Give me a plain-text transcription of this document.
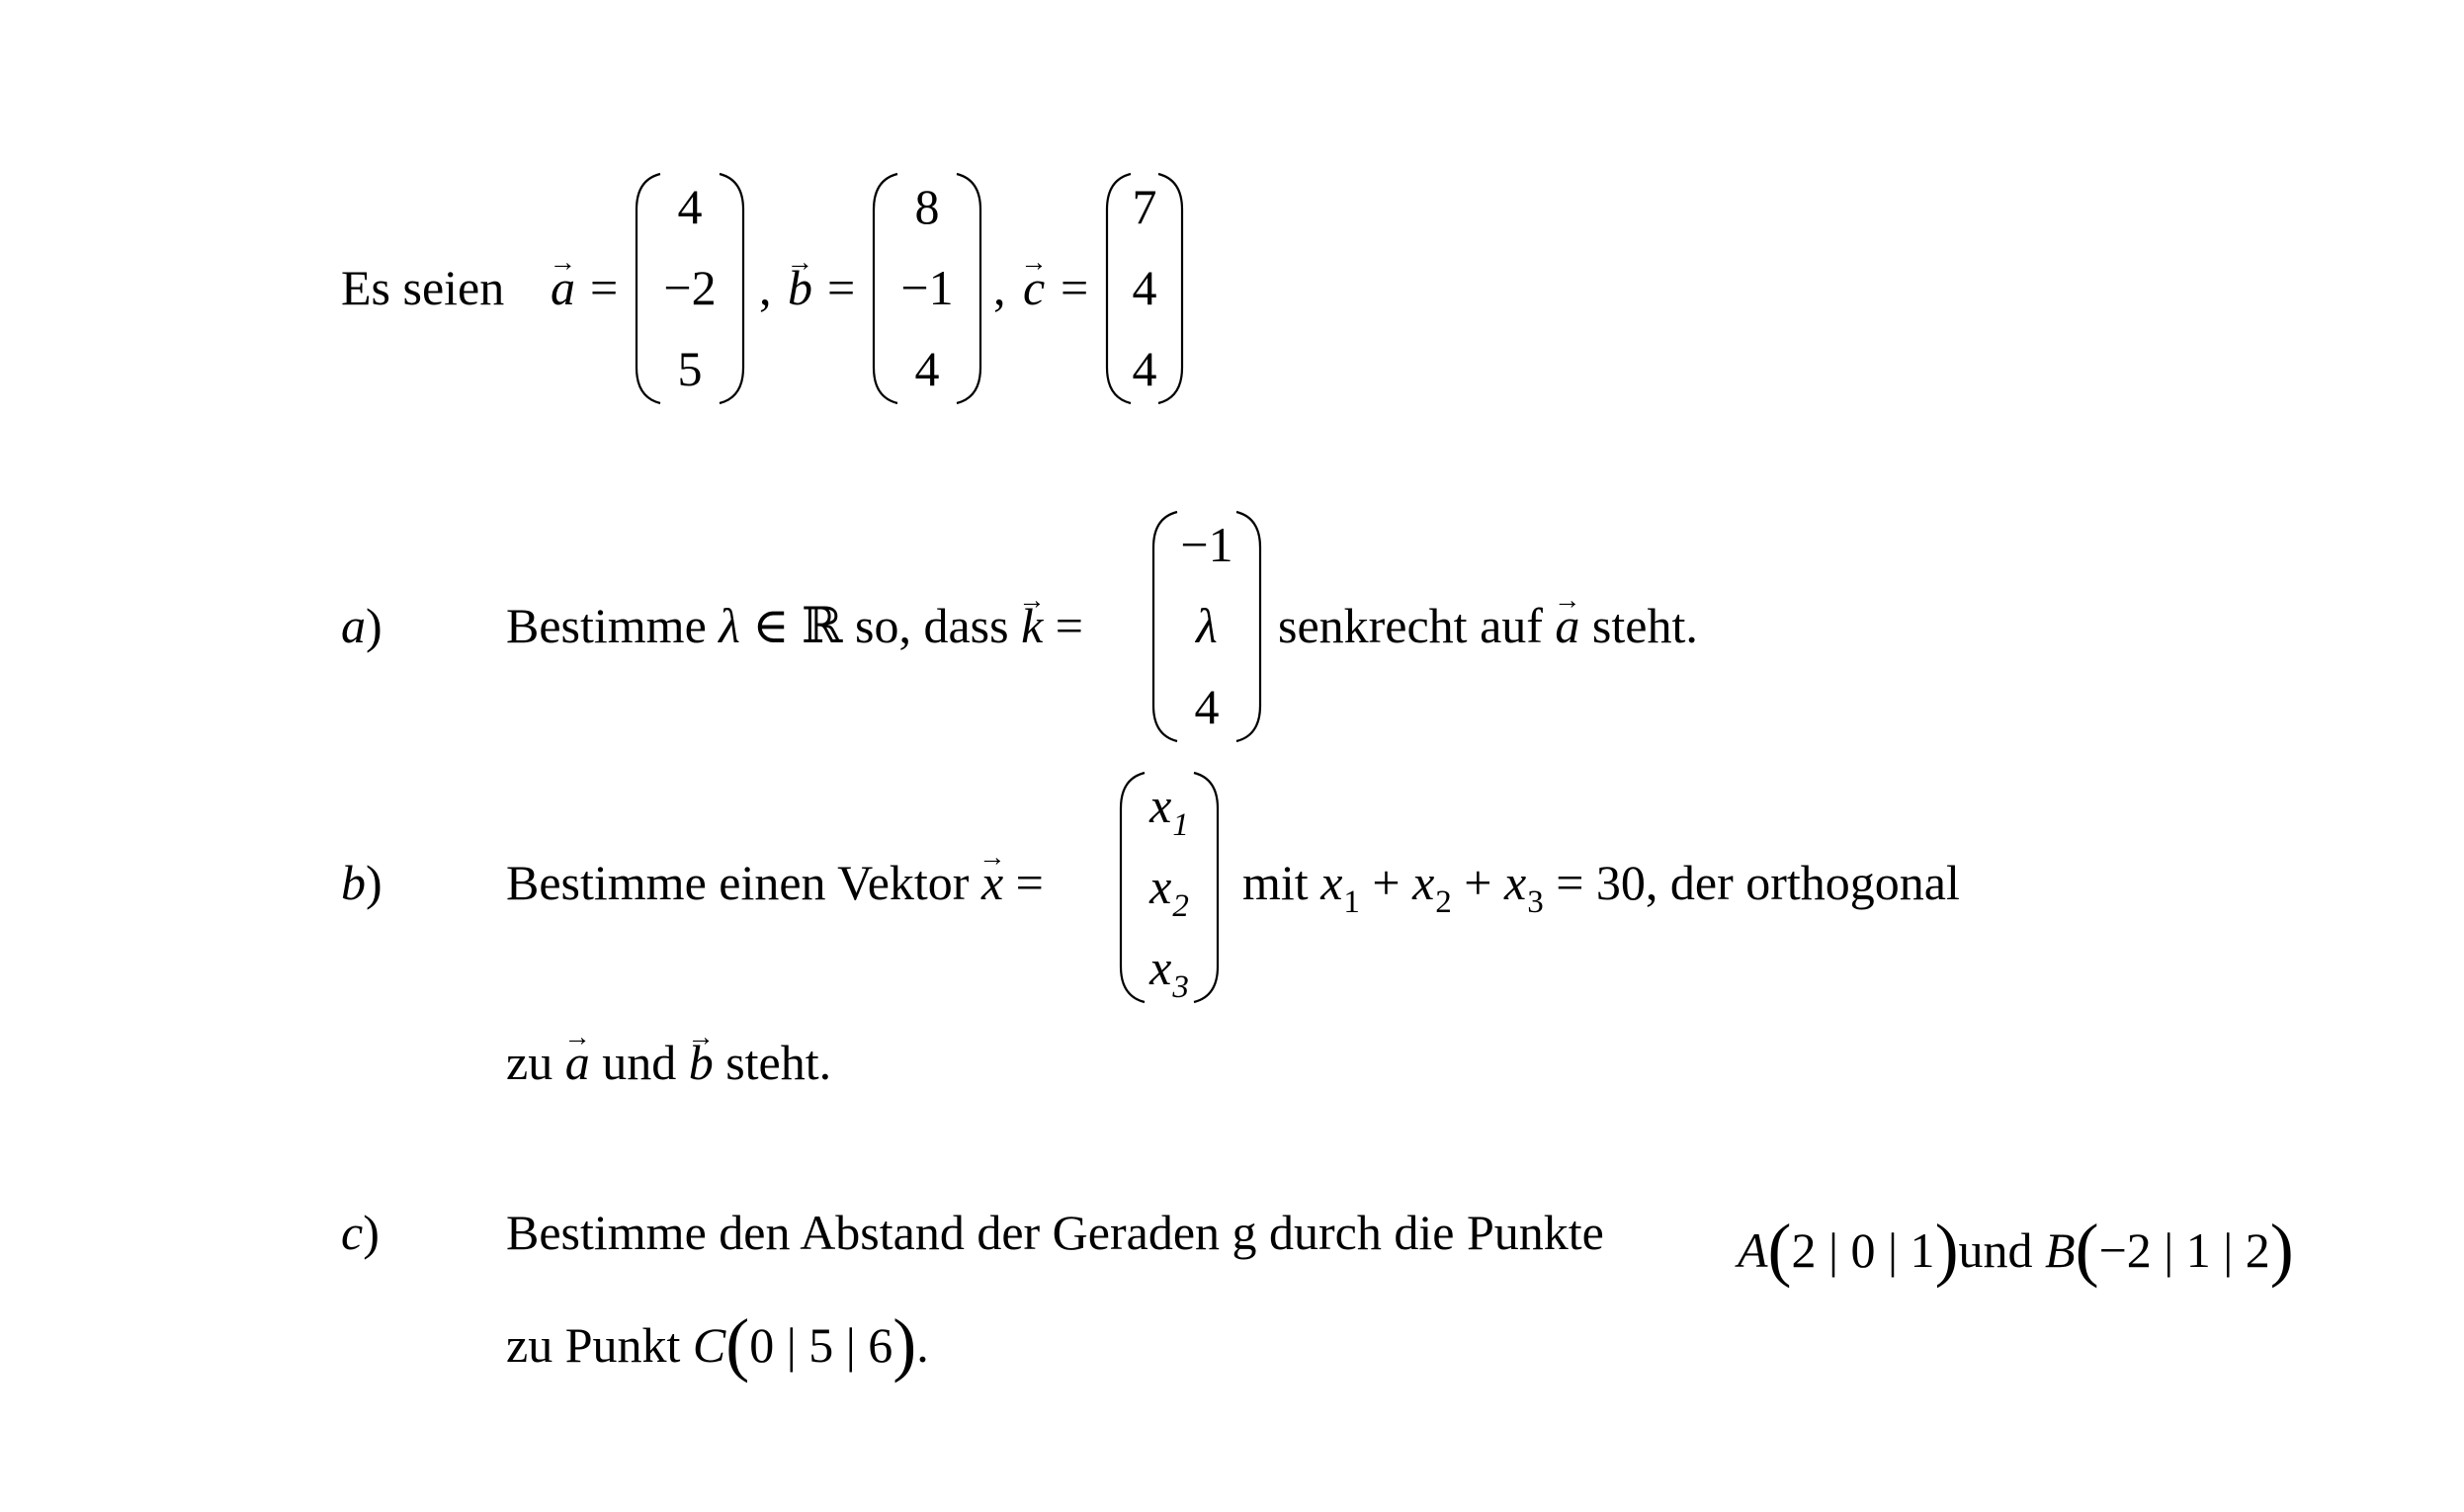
Es seien → a =
4
−2
5
, → b =
8
−1
4
, → c =
7
4
4
a)	Bestimme λ ∈ ℝ so, dass → k =
−1
λ
4
senkrecht auf → a steht.
b)	Bestimme einen Vektor → x =
$x_1$
$x_2$
$x_3$
mit $x_1 + x_2 + x_3 = 30$, der orthogonal
zu → a und → b steht.
c)	Bestimme den Abstand der Geraden g durch die Punkte	A(2 | 0 | 1)und B(−2 | 1 | 2)
zu Punkt C(0 | 5 | 6).
